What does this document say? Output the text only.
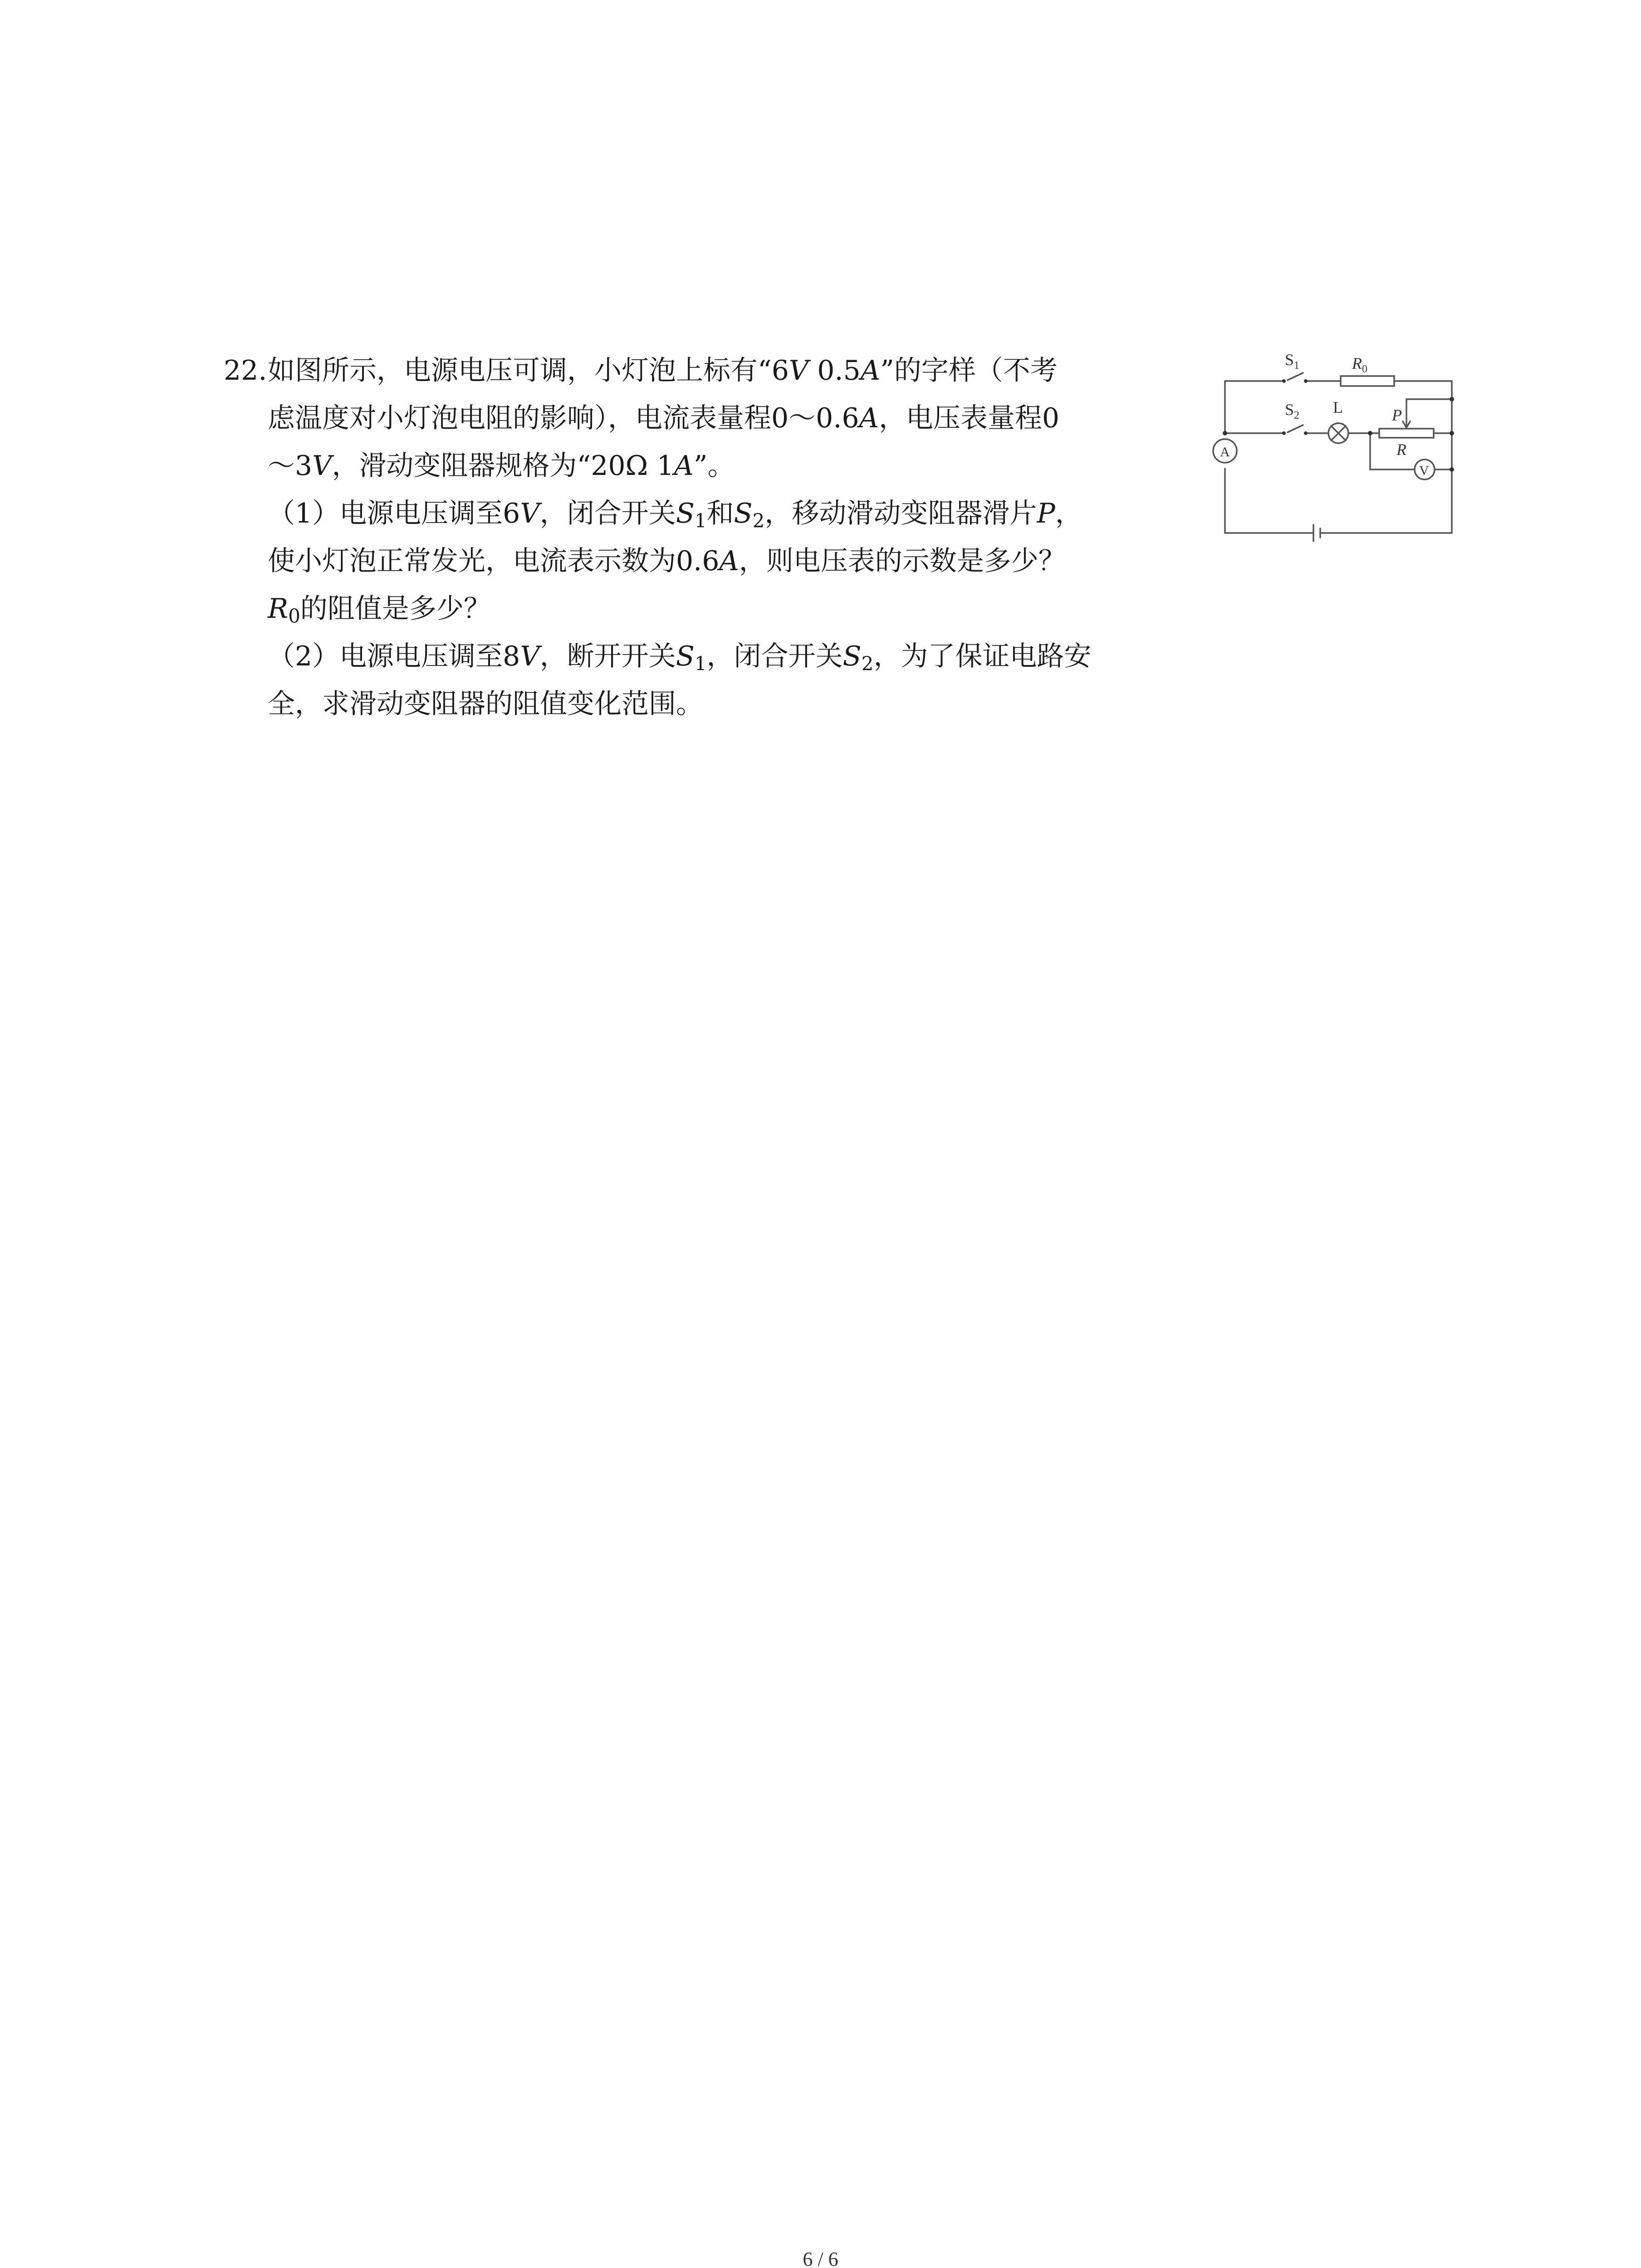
22.如图所示，电源电压可调，小灯泡上标有“6V 0.5A”的字样（不考
虑温度对小灯泡电阻的影响），电流表量程0～0.6A，电压表量程0
～3V，滑动变阻器规格为“20Ω 1A”。
（1）电源电压调至6V，闭合开关$S_1$和$S_2$，移动滑动变阻器滑片P，
使小灯泡正常发光，电流表示数为0.6A，则电压表的示数是多少？
$R_0$的阻值是多少？
（2）电源电压调至8V，断开开关$S_1$，闭合开关$S_2$，为了保证电路安
全，求滑动变阻器的阻值变化范围。
$S_1$	$R_0$
$S_2$ L	P
R
V
A
6 / 6
